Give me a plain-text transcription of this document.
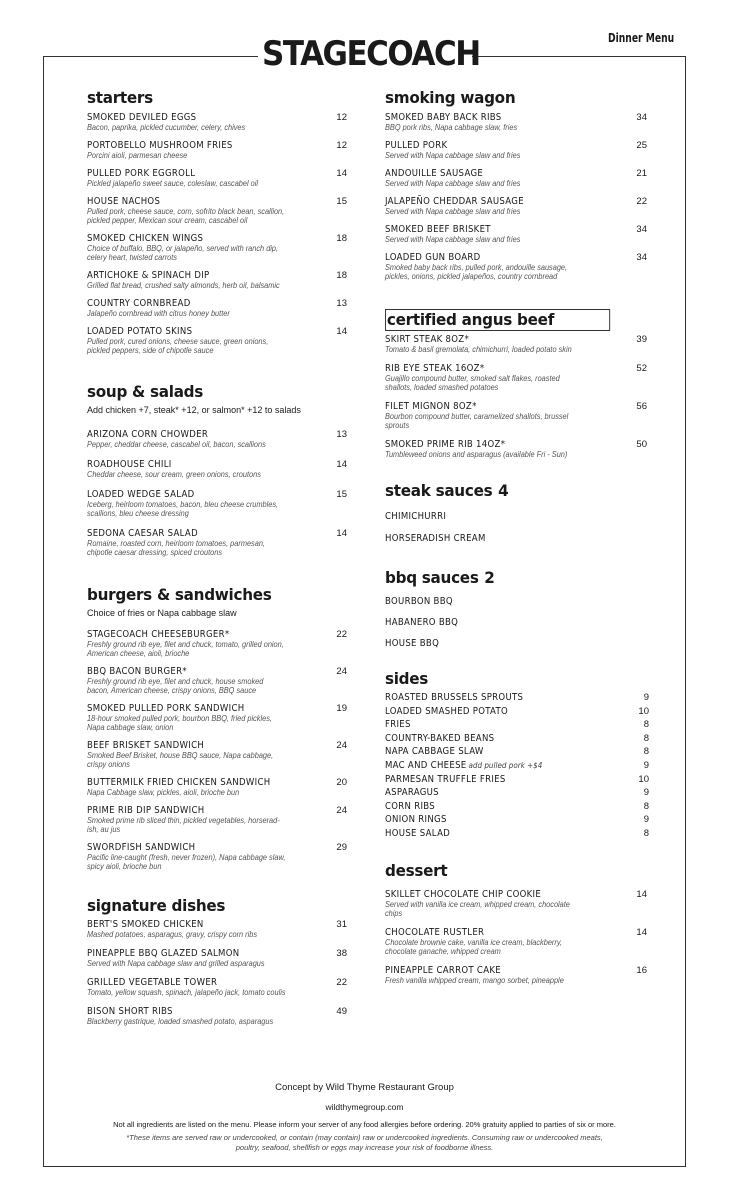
STAGECOACH	Dinner Menu
starters
SMOKED DEVILED EGGS
Bacon, paprika, pickled cucumber, celery, chives
12
PORTOBELLO MUSHROOM FRIES
Porcini aioli, parmesan cheese
12
PULLED PORK EGGROLL
Pickled jalapeño sweet sauce, coleslaw, cascabel oil
14
HOUSE NACHOS
Pulled pork, cheese sauce, corn, sofrito black bean, scallion,
pickled pepper, Mexican sour cream, cascabel oil
15
SMOKED CHICKEN WINGS
Choice of buffalo, BBQ, or jalapeño, served with ranch dip,
celery heart, twisted carrots
18
ARTICHOKE & SPINACH DIP
Grilled flat bread, crushed salty almonds, herb oil, balsamic
18
COUNTRY CORNBREAD
Jalapeño cornbread with citrus honey butter
13
LOADED POTATO SKINS
Pulled pork, cured onions, cheese sauce, green onions,
pickled peppers, side of chipotle sauce
14
soup & salads
Add chicken +7, steak* +12, or salmon* +12 to salads
ARIZONA CORN CHOWDER
Pepper, cheddar cheese, cascabel oil, bacon, scallions
13
ROADHOUSE CHILI
Cheddar cheese, sour cream, green onions, croutons
14
LOADED WEDGE SALAD
Iceberg, heirloom tomatoes, bacon, bleu cheese crumbles,
scallions, bleu cheese dressing
15
SEDONA CAESAR SALAD
Romaine, roasted corn, heirloom tomatoes, parmesan,
chipotle caesar dressing, spiced croutons
14
burgers & sandwiches
Choice of fries or Napa cabbage slaw
STAGECOACH CHEESEBURGER*
Freshly ground rib eye, filet and chuck, tomato, grilled onion,
American cheese, aioli, brioche
22
BBQ BACON BURGER*
Freshly ground rib eye, filet and chuck, house smoked
bacon, American cheese, crispy onions, BBQ sauce
24
SMOKED PULLED PORK SANDWICH
18-hour smoked pulled pork, bourbon BBQ, fried pickles,
Napa cabbage slaw, onion
19
BEEF BRISKET SANDWICH
Smoked Beef Brisket, house BBQ sauce, Napa cabbage,
crispy onions
24
BUTTERMILK FRIED CHICKEN SANDWICH
Napa Cabbage slaw, pickles, aioli, brioche bun
20
PRIME RIB DIP SANDWICH
Smoked prime rib sliced thin, pickled vegetables, horserad-
ish, au jus
24
SWORDFISH SANDWICH
Pacific line-caught (fresh, never frozen), Napa cabbage slaw,
spicy aioli, brioche bun
29
signature dishes
BERT'S SMOKED CHICKEN
Mashed potatoes, asparagus, gravy, crispy corn ribs
31
PINEAPPLE BBQ GLAZED SALMON
Served with Napa cabbage slaw and grilled asparagus
38
GRILLED VEGETABLE TOWER
Tomato, yellow squash, spinach, jalapeño jack, tomato coulis
22
BISON SHORT RIBS
Blackberry gastrique, loaded smashed potato, asparagus
49
smoking wagon
SMOKED BABY BACK RIBS
BBQ pork ribs, Napa cabbage slaw, fries
34
PULLED PORK
Served with Napa cabbage slaw and fries
25
ANDOUILLE SAUSAGE
Served with Napa cabbage slaw and fries
21
JALAPEÑO CHEDDAR SAUSAGE
Served with Napa cabbage slaw and fries
22
SMOKED BEEF BRISKET
Served with Napa cabbage slaw and fries
34
LOADED GUN BOARD
Smoked baby back ribs, pulled pork, andouille sausage,
pickles, onions, pickled jalapeños, country cornbread
34
certified angus beef
SKIRT STEAK 8OZ*
Tomato & basil gremolata, chimichurri, loaded potato skin
39
RIB EYE STEAK 16OZ*
Guajillo compound butter, smoked salt flakes, roasted
shallots, loaded smashed potatoes
52
FILET MIGNON 8OZ*
Bourbon compound butter, caramelized shallots, brussel
sprouts
56
SMOKED PRIME RIB 14OZ*
Tumbleweed onions and asparagus (available Fri - Sun)
50
steak sauces 4
CHIMICHURRI
HORSERADISH CREAM
bbq sauces 2
BOURBON BBQ
HABANERO BBQ
HOUSE BBQ
sides
ROASTED BRUSSELS SPROUTS	9
LOADED SMASHED POTATO	10
FRIES	8
COUNTRY-BAKED BEANS	8
NAPA CABBAGE SLAW	8
MAC AND CHEESE add pulled pork +$4	9
PARMESAN TRUFFLE FRIES	10
ASPARAGUS	9
CORN RIBS	8
ONION RINGS	9
HOUSE SALAD	8
dessert
SKILLET CHOCOLATE CHIP COOKIE
Served with vanilla ice cream, whipped cream, chocolate
chips
14
CHOCOLATE RUSTLER
Chocolate brownie cake, vanilla ice cream, blackberry,
chocolate ganache, whipped cream
14
PINEAPPLE CARROT CAKE
Fresh vanilla whipped cream, mango sorbet, pineapple
16
Concept by Wild Thyme Restaurant Group
wildthymegroup.com
Not all ingredients are listed on the menu. Please inform your server of any food allergies before ordering. 20% gratuity applied to parties of six or more.
*These items are served raw or undercooked, or contain (may contain) raw or undercooked ingredients. Consuming raw or undercooked meats, poultry, seafood, shellfish or eggs may increase your risk of foodborne illness.
